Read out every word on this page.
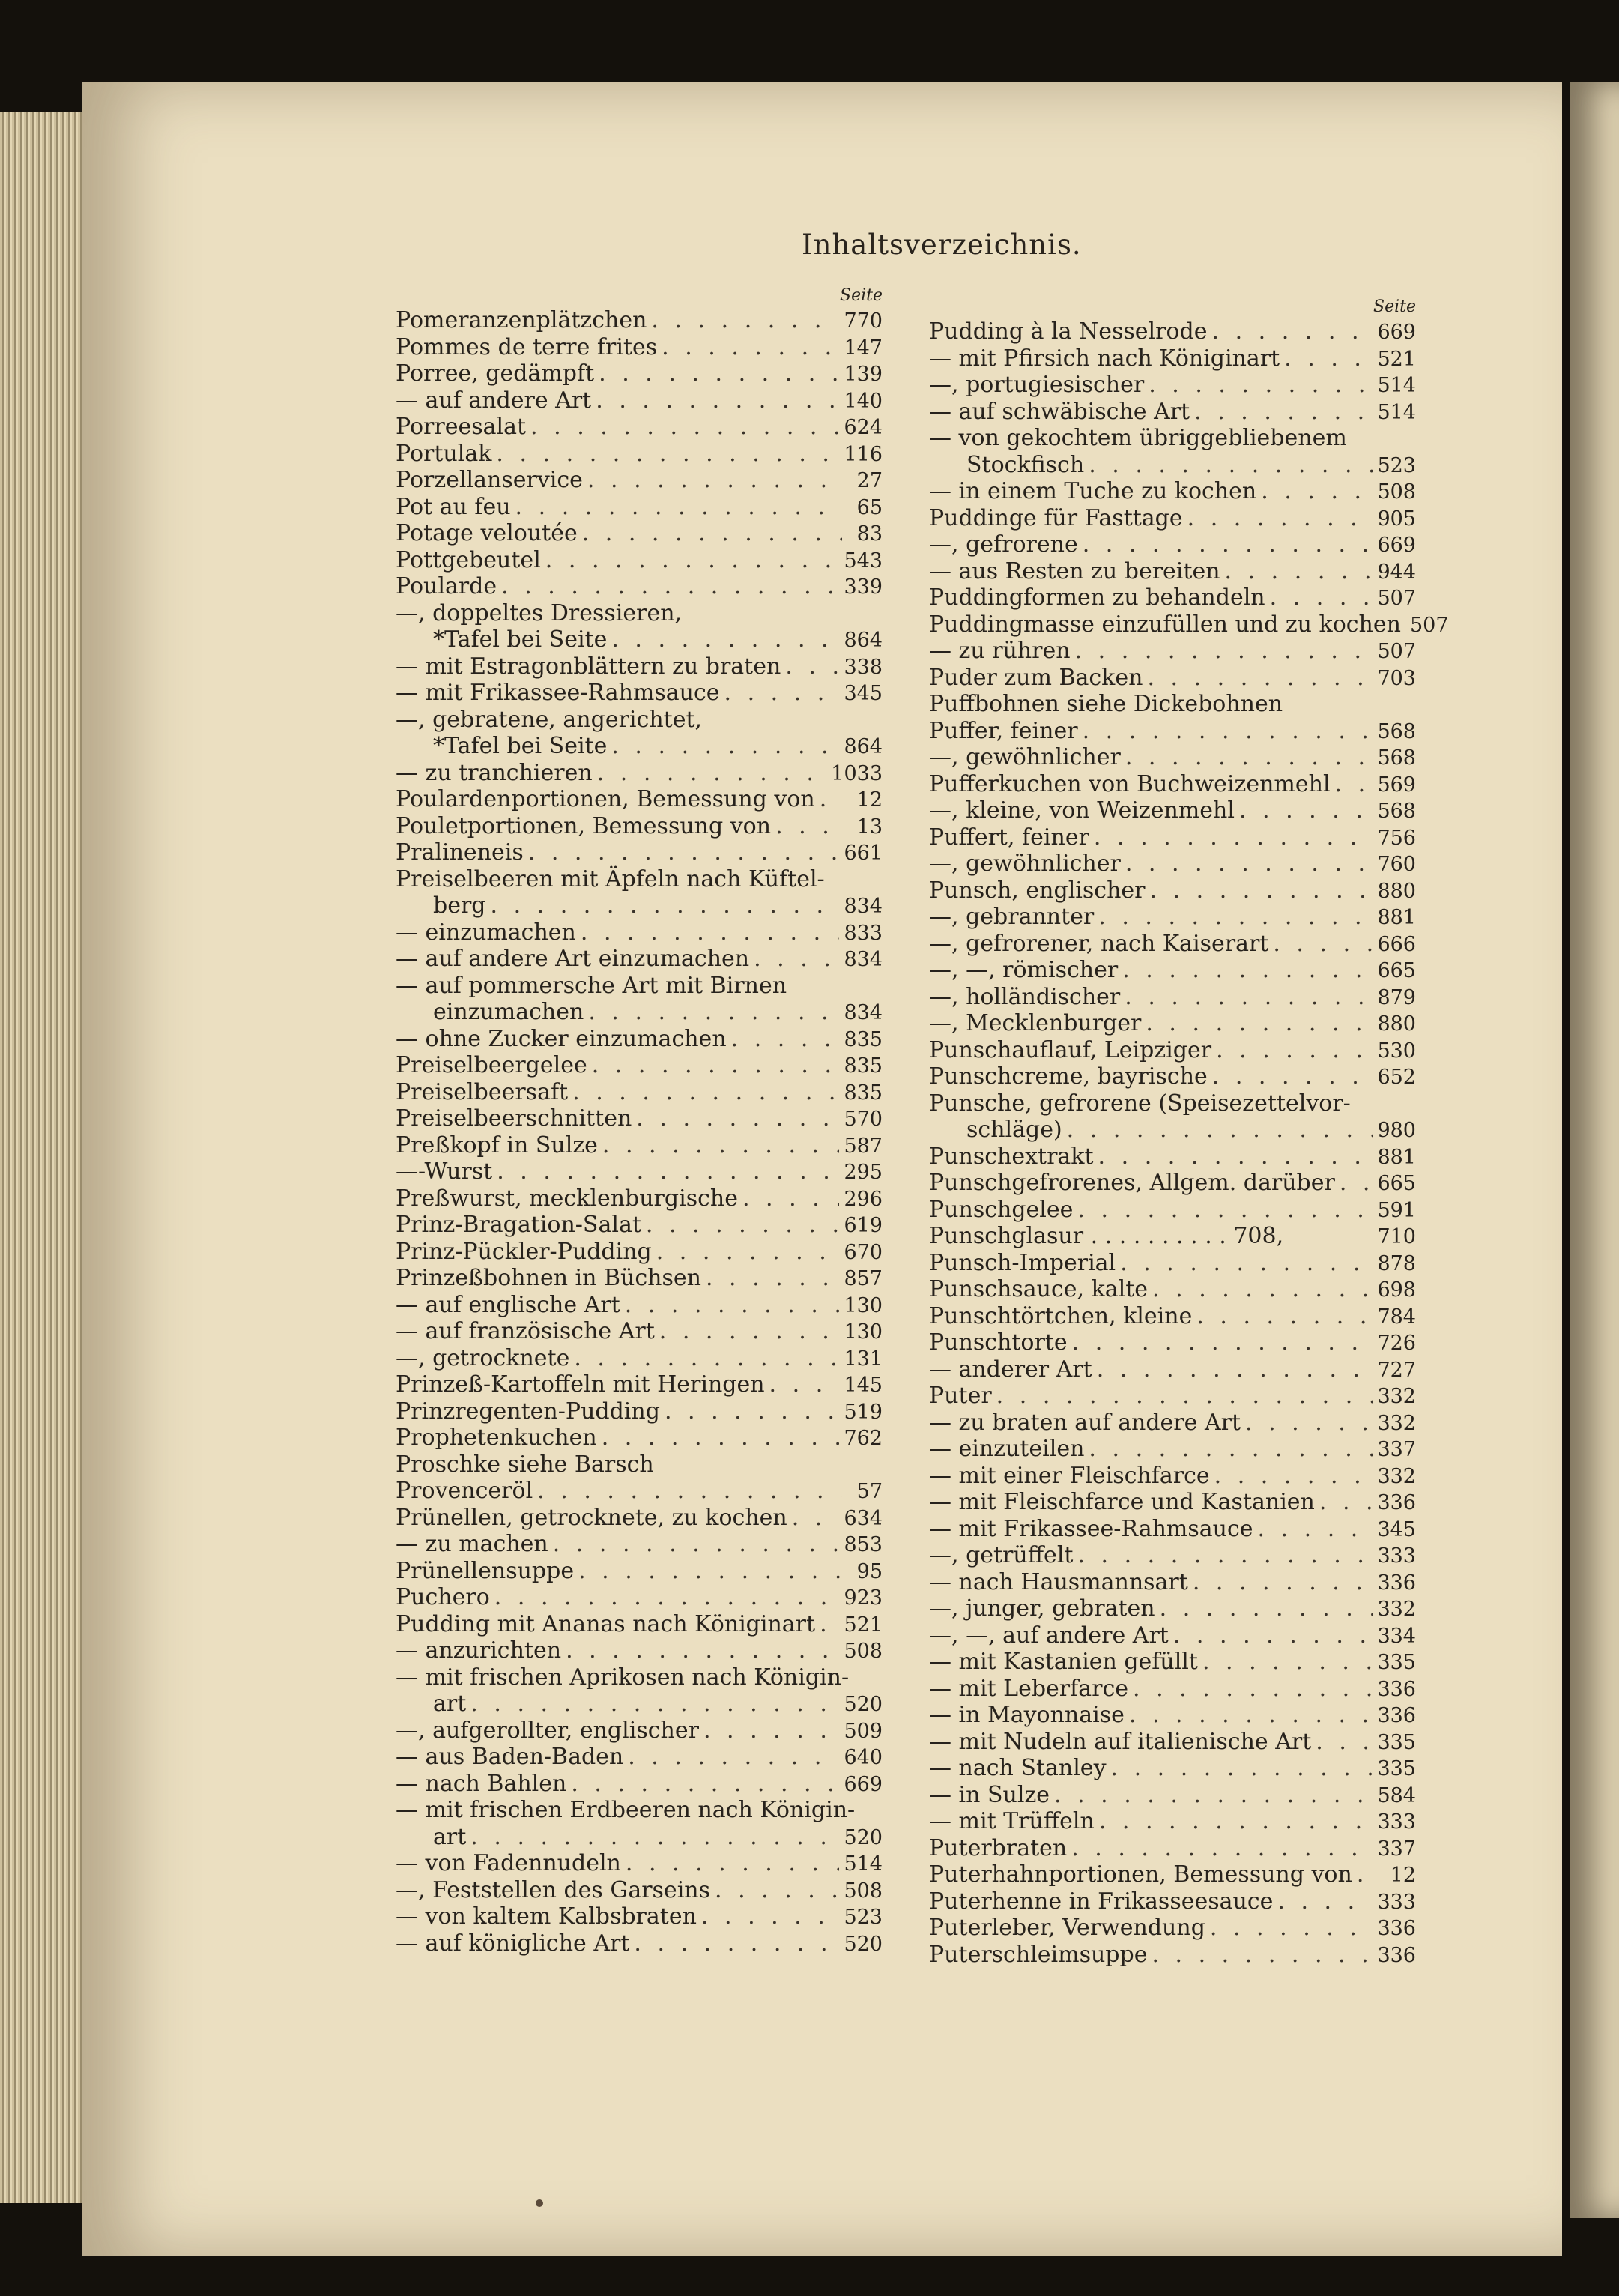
Inhaltsverzeichnis.
Seite
Pomeranzenplätzchen . . .	770
Pommes de terre frites . . .	147
Porree, gedämpft . . .	139
— auf andere Art . . .	140
Porreesalat . . .	624
Portulak . . .	116
Porzellanservice . . .	27
Pot au feu . . .	65
Potage veloutée . . .	83
Pottgebeutel . . .	543
Poularde . . .	339
—, doppeltes Dressieren,
*Tafel bei Seite . . .	864
— mit Estragonblättern zu braten . . .	338
— mit Frikassee-Rahmsauce . . .	345
—, gebratene, angerichtet,
*Tafel bei Seite . . .	864
— zu tranchieren . . .	1033
Poulardenportionen, Bemessung von . . .	12
Pouletportionen, Bemessung von . . .	13
Pralineneis . . .	661
Preiselbeeren mit Äpfeln nach Küftel-
berg . . .	834
— einzumachen . . .	833
— auf andere Art einzumachen . . .	834
— auf pommersche Art mit Birnen
einzumachen . . .	834
— ohne Zucker einzumachen . . .	835
Preiselbeergelee . . .	835
Preiselbeersaft . . .	835
Preiselbeerschnitten . . .	570
Preßkopf in Sulze . . .	587
—-Wurst . . .	295
Preßwurst, mecklenburgische . . .	296
Prinz-Bragation-Salat . . .	619
Prinz-Pückler-Pudding . . .	670
Prinzeßbohnen in Büchsen . . .	857
— auf englische Art . . .	130
— auf französische Art . . .	130
—, getrocknete . . .	131
Prinzeß-Kartoffeln mit Heringen . . .	145
Prinzregenten-Pudding . . .	519
Prophetenkuchen . . .	762
Proschke siehe Barsch
Provenceröl . . .	57
Prünellen, getrocknete, zu kochen . . .	634
— zu machen . . .	853
Prünellensuppe . . .	95
Puchero . . .	923
Pudding mit Ananas nach Königinart . . . 521
— anzurichten . . .	508
— mit frischen Aprikosen nach Königin-
art . . .	520
—, aufgerollter, englischer . . .	509
— aus Baden-Baden . . .	640
— nach Bahlen . . .	669
— mit frischen Erdbeeren nach Königin-
art . . .	520
— von Fadennudeln . . .	514
—, Feststellen des Garseins . . .	508
— von kaltem Kalbsbraten . . .	523
— auf königliche Art . . .	520
Seite
Pudding à la Nesselrode . . .	669
— mit Pfirsich nach Königinart . . .	521
—, portugiesischer . . .	514
— auf schwäbische Art . . .	514
— von gekochtem übriggebliebenem
Stockfisch . . .	523
— in einem Tuche zu kochen . . .	508
Puddinge für Fasttage . . .	905
—, gefrorene . . .	669
— aus Resten zu bereiten . . .	944
Puddingformen zu behandeln . . .	507
Puddingmasse einzufüllen und zu kochen 507
— zu rühren . . .	507
Puder zum Backen . . .	703
Puffbohnen siehe Dickebohnen
Puffer, feiner . . .	568
—, gewöhnlicher . . .	568
Pufferkuchen von Buchweizenmehl . . . 569
—, kleine, von Weizenmehl . . .	568
Puffert, feiner . . .	756
—, gewöhnlicher . . .	760
Punsch, englischer . . .	880
—, gebrannter . . .	881
—, gefrorener, nach Kaiserart . . .	666
—, —, römischer . . .	665
—, holländischer . . .	879
—, Mecklenburger . . .	880
Punschauflauf, Leipziger . . .	530
Punschcreme, bayrische . . .	652
Punsche, gefrorene (Speisezettelvor-
schläge) . . .	980
Punschextrakt . . .	881
Punschgefrorenes, Allgem. darüber . . . 665
Punschgelee . . .	591
Punschglasur . . . . . . . . . . 708,	710
Punsch-Imperial . . .	878
Punschsauce, kalte . . .	698
Punschtörtchen, kleine . . .	784
Punschtorte . . .	726
— anderer Art . . .	727
Puter . . .	332
— zu braten auf andere Art . . .	332
— einzuteilen . . .	337
— mit einer Fleischfarce . . .	332
— mit Fleischfarce und Kastanien . . .	336
— mit Frikassee-Rahmsauce . . .	345
—, getrüffelt . . .	333
— nach Hausmannsart . . .	336
—, junger, gebraten . . .	332
—, —, auf andere Art . . .	334
— mit Kastanien gefüllt . . .	335
— mit Leberfarce . . .	336
— in Mayonnaise . . .	336
— mit Nudeln auf italienische Art . . .	335
— nach Stanley . . .	335
— in Sulze . . .	584
— mit Trüffeln . . .	333
Puterbraten . . .	337
Puterhahnportionen, Bemessung von . . .	12
Puterhenne in Frikasseesauce . . .	333
Puterleber, Verwendung . . .	336
Puterschleimsuppe . . .	336
